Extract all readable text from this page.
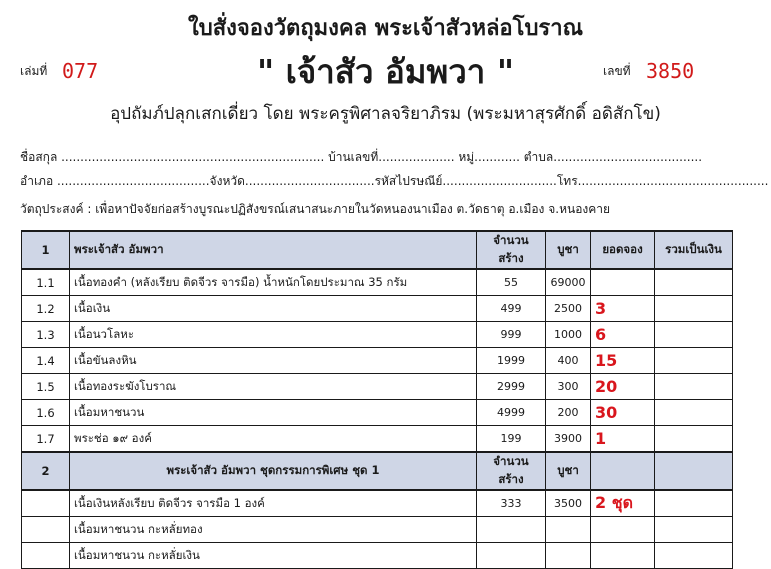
ใบสั่งจองวัตถุมงคล พระเจ้าสัวหล่อโบราณ
เล่มที่ 077	" เจ้าสัว อัมพวา "	เลขที่ 3850
อุปถัมภ์ปลุกเสกเดี่ยว โดย พระครูพิศาลจริยาภิรม (พระมหาสุรศักดิ์ อดิสักโข)
ชื่อสกุล ..................................................................... บ้านเลขที่.................... หมู่............ ตำบล.......................................
อำเภอ ........................................จังหวัด..................................รหัสไปรษณีย์..............................โทร..................................................
วัตถุประสงค์ : เพื่อหาปัจจัยก่อสร้างบูรณะปฏิสังขรณ์เสนาสนะภายในวัดหนองนาเมือง ต.วัดธาตุ อ.เมือง จ.หนองคาย
1	พระเจ้าสัว อัมพวา	จำนวนสร้าง	บูชา	ยอดจอง	รวมเป็นเงิน
1.1	เนื้อทองคำ (หลังเรียบ ติดจีวร จารมือ) น้ำหนักโดยประมาณ 35 กรัม	55	69000		
1.2	เนื้อเงิน	499	2500	3	
1.3	เนื้อนวโลหะ	999	1000	6	
1.4	เนื้อขันลงหิน	1999	400	15	
1.5	เนื้อทองระฆังโบราณ	2999	300	20	
1.6	เนื้อมหาชนวน	4999	200	30	
1.7	พระช่อ ๑๙ องค์	199	3900	1	
2	พระเจ้าสัว อัมพวา ชุดกรรมการพิเศษ ชุด 1	จำนวนสร้าง	บูชา		
	เนื้อเงินหลังเรียบ ติดจีวร จารมือ 1 องค์	333	3500	2 ชุด	
	เนื้อมหาชนวน กะหลั่ยทอง				
	เนื้อมหาชนวน กะหลั่ยเงิน				
